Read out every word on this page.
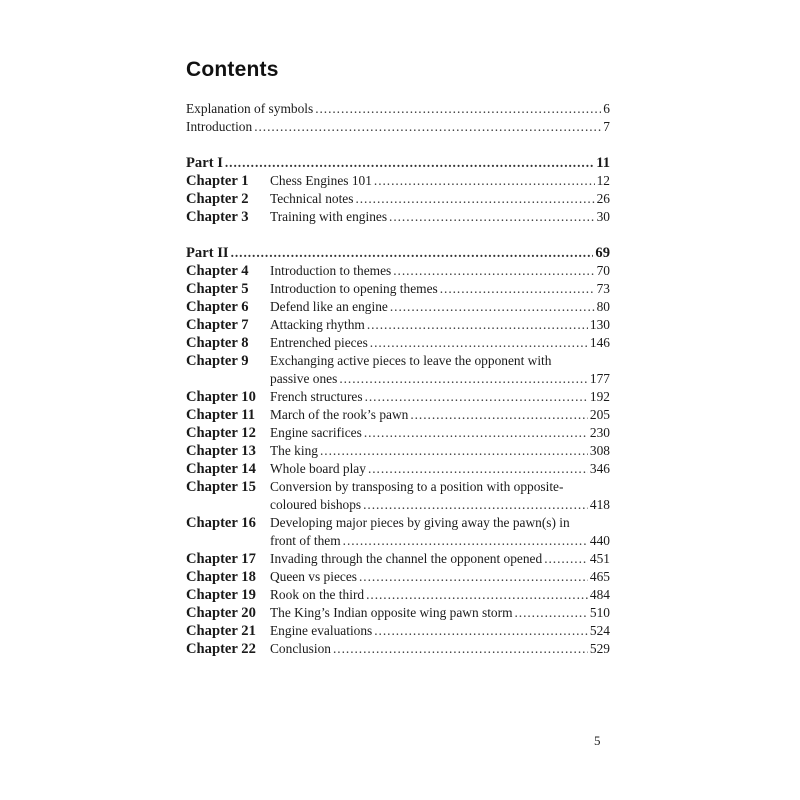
Contents
Explanation of symbols . . .	6
Introduction . . .	7
Part I . . .	11
Chapter 1	Chess Engines 101 . . .	12
Chapter 2	Technical notes . . .	26
Chapter 3	Training with engines . . .	30
Part II . . .	69
Chapter 4	Introduction to themes . . .	70
Chapter 5	Introduction to opening themes . . .	73
Chapter 6	Defend like an engine . . .	80
Chapter 7	Attacking rhythm . . .	130
Chapter 8	Entrenched pieces . . .	146
Chapter 9	Exchanging active pieces to leave the opponent with
passive ones . . .	177
Chapter 10	French structures . . .	192
Chapter 11	March of the rook’s pawn . . .	205
Chapter 12	Engine sacrifices . . .	230
Chapter 13	The king . . .	308
Chapter 14	Whole board play . . .	346
Chapter 15	Conversion by transposing to a position with opposite-
coloured bishops . . .	418
Chapter 16	Developing major pieces by giving away the pawn(s) in
front of them . . .	440
Chapter 17	Invading through the channel the opponent opened . . .	451
Chapter 18	Queen vs pieces . . .	465
Chapter 19	Rook on the third . . .	484
Chapter 20	The King’s Indian opposite wing pawn storm . . .	510
Chapter 21	Engine evaluations . . .	524
Chapter 22	Conclusion . . .	529
5
